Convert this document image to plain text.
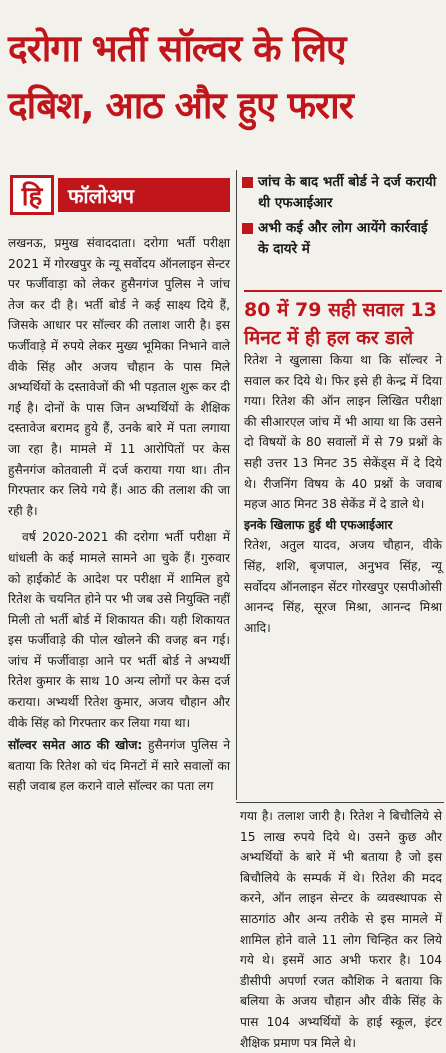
दरोगा भर्ती सॉल्वर के लिए
दबिश, आठ और हुए फरार
हि	फॉलोअप
जांच के बाद भर्ती बोर्ड ने दर्ज करायी थी एफआईआर
अभी कई और लोग आयेंगे कार्रवाई के दायरे में

लखनऊ, प्रमुख संवाददाता। दरोगा भर्ती परीक्षा 2021 में गोरखपुर के न्यू सर्वोदय ऑनलाइन सेन्टर पर फर्जीवाड़ा को लेकर हुसैनगंज पुलिस ने जांच तेज कर दी है। भर्ती बोर्ड ने कई साक्ष्य दिये हैं, जिसके आधार पर सॉल्वर की तलाश जारी है। इस फर्जीवाड़े में रुपये लेकर मुख्य भूमिका निभाने वाले वीके सिंह और अजय चौहान के पास मिले अभ्यर्थियों के दस्तावेजों की भी पड़ताल शुरू कर दी गई है। दोनों के पास जिन अभ्यर्थियों के शैक्षिक दस्तावेज बरामद हुये हैं, उनके बारे में पता लगाया जा रहा है। मामले में 11 आरोपितों पर केस हुसैनगंज कोतवाली में दर्ज कराया गया था। तीन गिरफ्तार कर लिये गये हैं। आठ की तलाश की जा रही है।

वर्ष 2020-2021 की दरोगा भर्ती परीक्षा में धांधली के कई मामले सामने आ चुके हैं। गुरुवार को हाईकोर्ट के आदेश पर परीक्षा में शामिल हुये रितेश के चयनित होने पर भी जब उसे नियुक्ति नहीं मिली तो भर्ती बोर्ड में शिकायत की। यही शिकायत इस फर्जीवाड़े की पोल खोलने की वजह बन गई। जांच में फर्जीवाड़ा आने पर भर्ती बोर्ड ने अभ्यर्थी रितेश कुमार के साथ 10 अन्य लोगों पर केस दर्ज कराया। अभ्यर्थी रितेश कुमार, अजय चौहान और वीके सिंह को गिरफ्तार कर लिया गया था।

सॉल्वर समेत आठ की खोज: हुसैनगंज पुलिस ने बताया कि रितेश को चंद मिनटों में सारे सवालों का सही जवाब हल कराने वाले सॉल्वर का पता लग

80 में 79 सही सवाल 13 मिनट में ही हल कर डाले

रितेश ने खुलासा किया था कि सॉल्वर ने सवाल कर दिये थे। फिर इसे ही केन्द्र में दिया गया। रितेश की ऑन लाइन लिखित परीक्षा की सीआरएल जांच में भी आया था कि उसने दो विषयों के 80 सवालों में से 79 प्रश्नों के सही उत्तर 13 मिनट 35 सेकेंड्स में दे दिये थे। रीजनिंग विषय के 40 प्रश्नों के जवाब महज आठ मिनट 38 सेकेंड में दे डाले थे।

इनके खिलाफ हुई थी एफआईआर

रितेश, अतुल यादव, अजय चौहान, वीके सिंह, शशि, बृजपाल, अनुभव सिंह, न्यू सर्वोदय ऑनलाइन सेंटर गोरखपुर एसपीओसी आनन्द सिंह, सूरज मिश्रा, आनन्द मिश्रा आदि।

गया है। तलाश जारी है। रितेश ने बिचौलिये से 15 लाख रुपये दिये थे। उसने कुछ और अभ्यर्थियों के बारे में भी बताया है जो इस बिचौलिये के सम्पर्क में थे। रितेश की मदद करने, ऑन लाइन सेन्टर के व्यवस्थापक से साठगांठ और अन्य तरीके से इस मामले में शामिल होने वाले 11 लोग चिन्हित कर लिये गये थे। इसमें आठ अभी फरार है। 104 डीसीपी अपर्णा रजत कौशिक ने बताया कि बलिया के अजय चौहान और वीके सिंह के पास 104 अभ्यर्थियों के हाई स्कूल, इंटर शैक्षिक प्रमाण पत्र मिले थे।
